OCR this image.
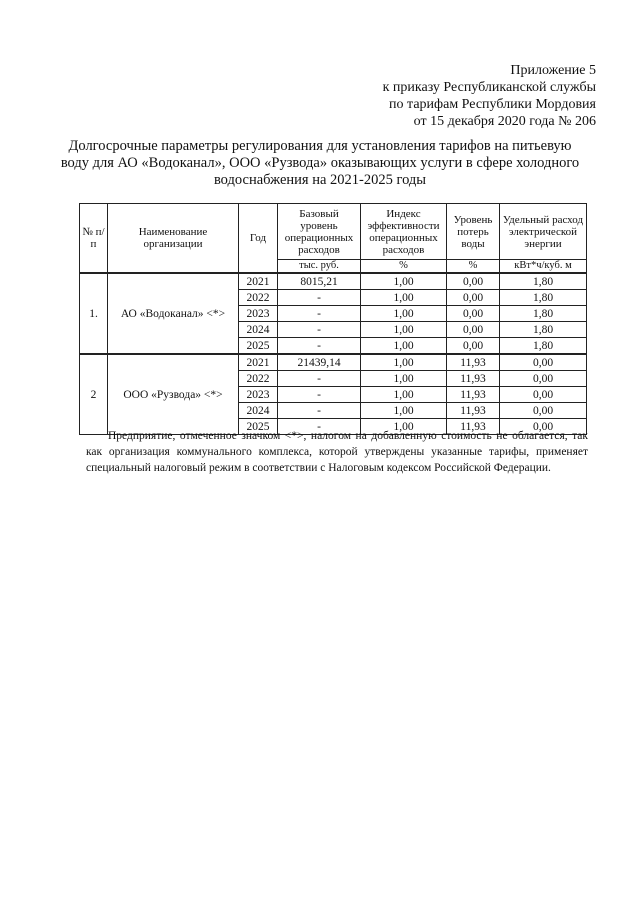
Приложение 5
к приказу Республиканской службы
по тарифам Республики Мордовия
от 15 декабря 2020 года № 206
Долгосрочные параметры регулирования для установления тарифов на питьевую воду для АО «Водоканал», ООО «Рузвода» оказывающих услуги в сфере холодного водоснабжения на 2021-2025 годы
№ п/п	Наименование организации	Год	Базовый уровень операционных расходов	Индекс эффективности операционных расходов	Уровень потерь воды	Удельный расход электрической энергии
			тыс. руб.	%	%	кВт*ч/куб. м
1.	АО «Водоканал» <*>	2021	8015,21	1,00	0,00	1,80
		2022	-	1,00	0,00	1,80
		2023	-	1,00	0,00	1,80
		2024	-	1,00	0,00	1,80
		2025	-	1,00	0,00	1,80
2	ООО «Рузвода» <*>	2021	21439,14	1,00	11,93	0,00
		2022	-	1,00	11,93	0,00
		2023	-	1,00	11,93	0,00
		2024	-	1,00	11,93	0,00
		2025	-	1,00	11,93	0,00
Предприятие, отмеченное значком <*>, налогом на добавленную стоимость не облагается, так как организация коммунального комплекса, которой утверждены указанные тарифы, применяет специальный налоговый режим в соответствии с Налоговым кодексом Российской Федерации.
